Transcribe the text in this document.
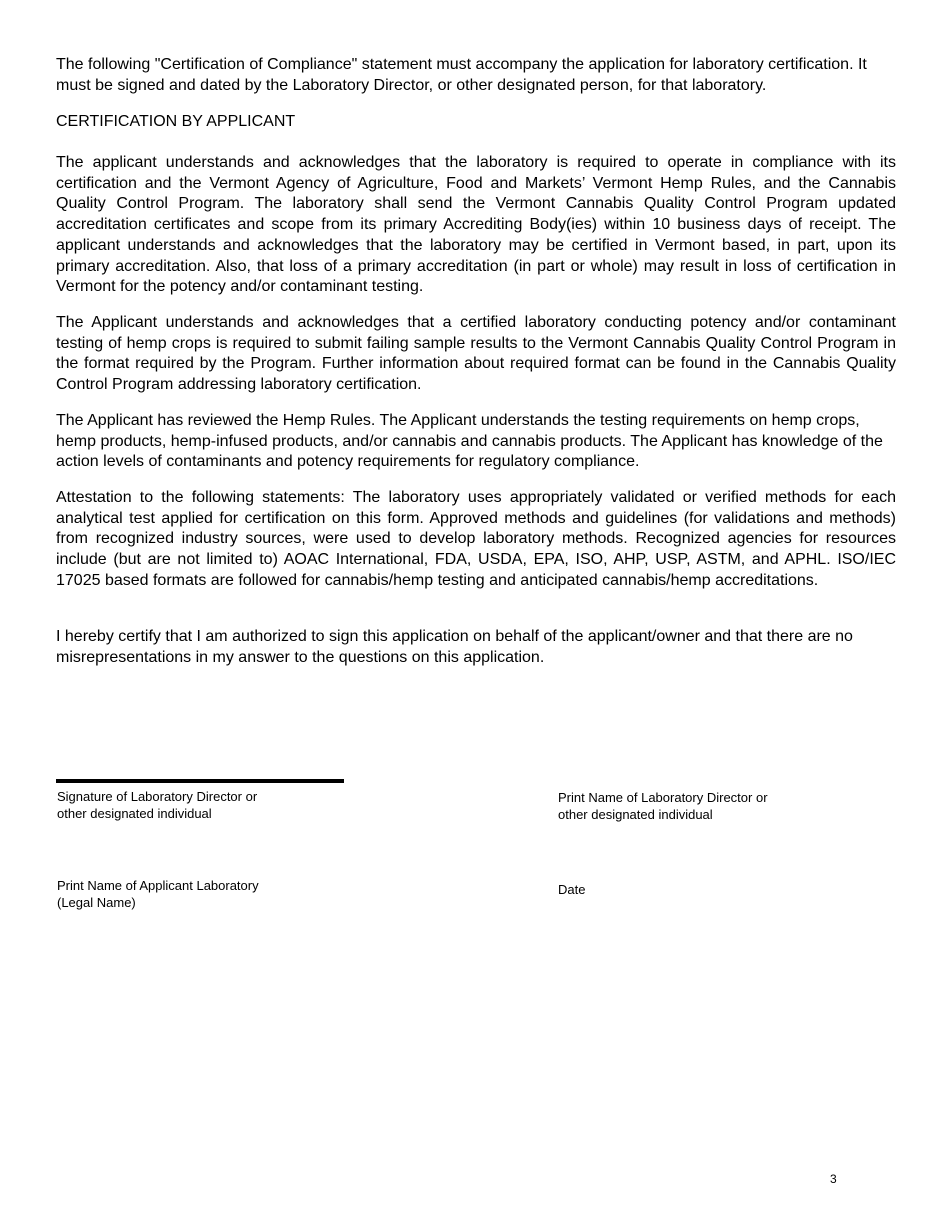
The following "Certification of Compliance" statement must accompany the application for laboratory certification. It must be signed and dated by the Laboratory Director, or other designated person, for that laboratory.

CERTIFICATION BY APPLICANT

The applicant understands and acknowledges that the laboratory is required to operate in compliance with its certification and the Vermont Agency of Agriculture, Food and Markets’ Vermont Hemp Rules, and the Cannabis Quality Control Program. The laboratory shall send the Vermont Cannabis Quality Control Program updated accreditation certificates and scope from its primary Accrediting Body(ies) within 10 business days of receipt. The applicant understands and acknowledges that the laboratory may be certified in Vermont based, in part, upon its primary accreditation. Also, that loss of a primary accreditation (in part or whole) may result in loss of certification in Vermont for the potency and/or contaminant testing.

The Applicant understands and acknowledges that a certified laboratory conducting potency and/or contaminant testing of hemp crops is required to submit failing sample results to the Vermont Cannabis Quality Control Program in the format required by the Program. Further information about required format can be found in the Cannabis Quality Control Program addressing laboratory certification.

The Applicant has reviewed the Hemp Rules. The Applicant understands the testing requirements on hemp crops, hemp products, hemp-infused products, and/or cannabis and cannabis products. The Applicant has knowledge of the action levels of contaminants and potency requirements for regulatory compliance.

Attestation to the following statements: The laboratory uses appropriately validated or verified methods for each analytical test applied for certification on this form. Approved methods and guidelines (for validations and methods) from recognized industry sources, were used to develop laboratory methods. Recognized agencies for resources include (but are not limited to) AOAC International, FDA, USDA, EPA, ISO, AHP, USP, ASTM, and APHL. ISO/IEC 17025 based formats are followed for cannabis/hemp testing and anticipated cannabis/hemp accreditations.

I hereby certify that I am authorized to sign this application on behalf of the applicant/owner and that there are no misrepresentations in my answer to the questions on this application.

Signature of Laboratory Director or
other designated individual
Print Name of Laboratory Director or
other designated individual
Print Name of Applicant Laboratory
(Legal Name)
Date
3
